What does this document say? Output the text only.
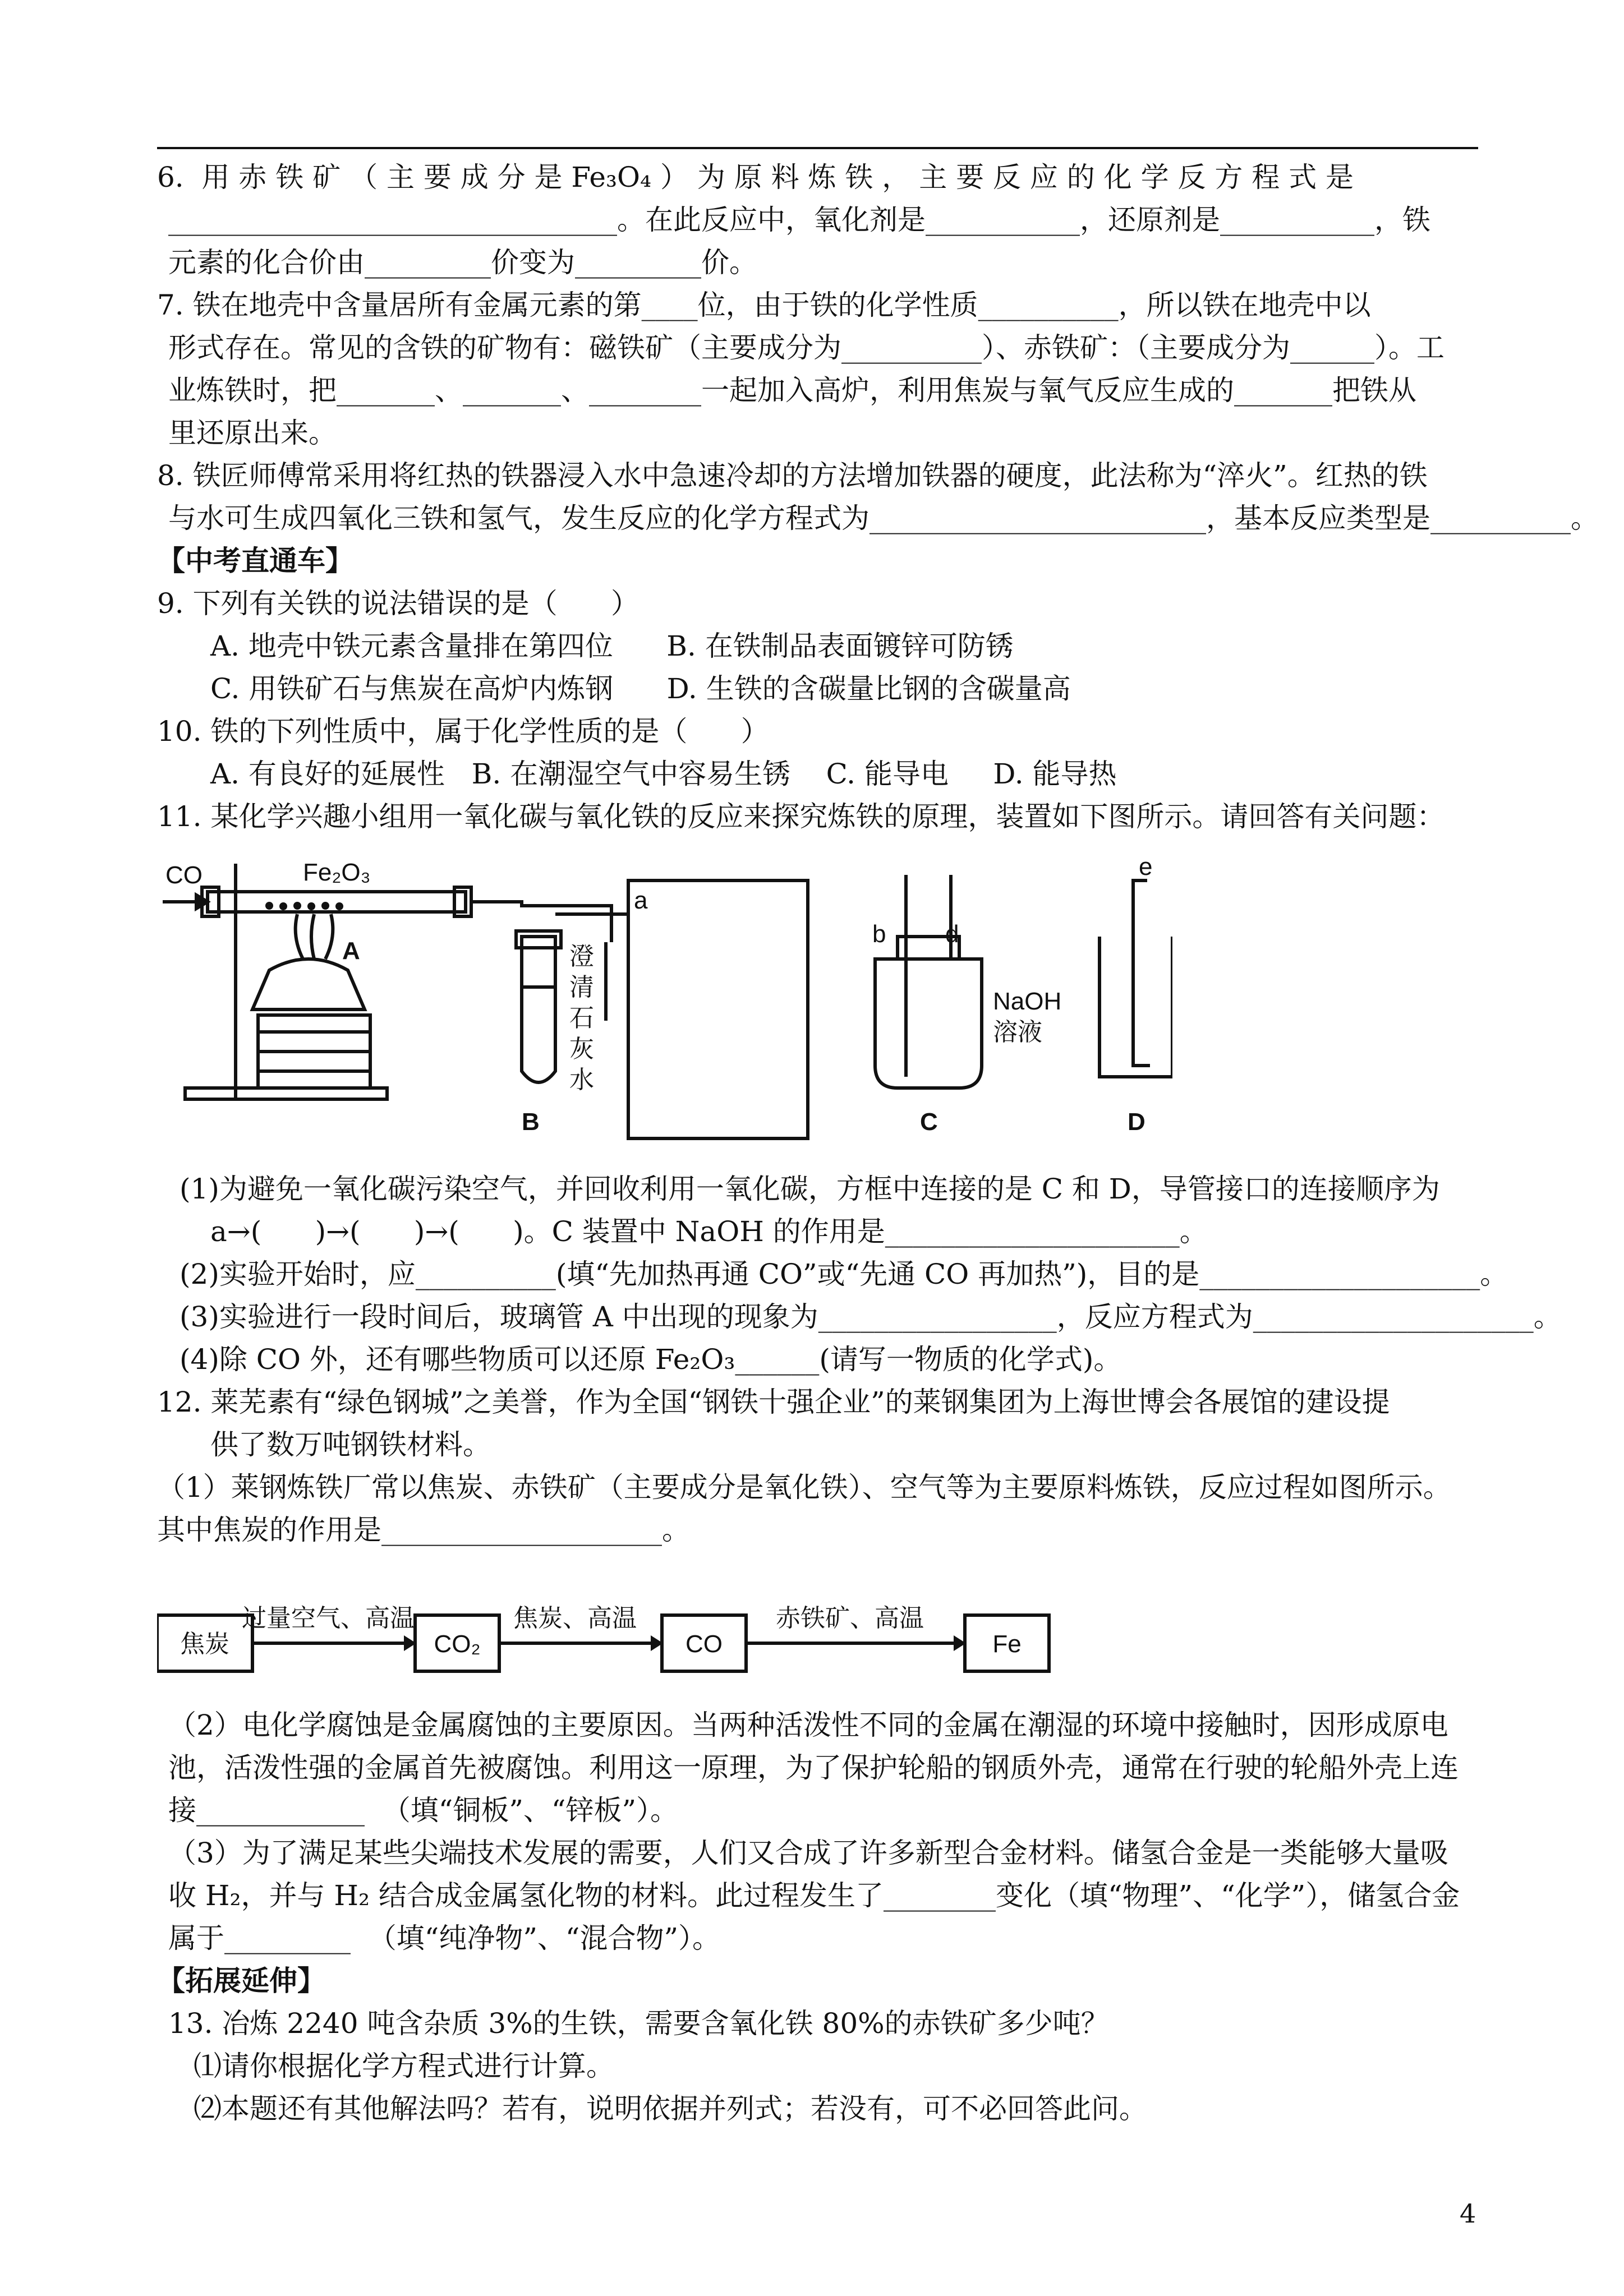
6.  用 赤 铁 矿 （ 主 要 成 分 是 Fe₃O₄ ） 为 原 料 炼 铁 ， 主 要 反 应 的 化 学 反 方 程 式 是
________________________________。在此反应中，氧化剂是___________，还原剂是___________，铁
元素的化合价由_________价变为_________价。
7. 铁在地壳中含量居所有金属元素的第____位，由于铁的化学性质__________，所以铁在地壳中以
形式存在。常见的含铁的矿物有：磁铁矿（主要成分为__________）、赤铁矿：（主要成分为______）。工
业炼铁时，把_______、_______、________一起加入高炉，利用焦炭与氧气反应生成的_______把铁从
里还原出来。
8. 铁匠师傅常采用将红热的铁器浸入水中急速冷却的方法增加铁器的硬度，此法称为“淬火”。红热的铁
与水可生成四氧化三铁和氢气，发生反应的化学方程式为________________________，基本反应类型是__________。
【中考直通车】
9. 下列有关铁的说法错误的是（      ）
A. 地壳中铁元素含量排在第四位      B. 在铁制品表面镀锌可防锈
C. 用铁矿石与焦炭在高炉内炼钢      D. 生铁的含碳量比钢的含碳量高
10. 铁的下列性质中，属于化学性质的是（      ）
A. 有良好的延展性   B. 在潮湿空气中容易生锈    C. 能导电     D. 能导热
11. 某化学兴趣小组用一氧化碳与氧化铁的反应来探究炼铁的原理，装置如下图所示。请回答有关问题：
CO	Fe₂O₃
A
B
a
b d
e
C	D
NaOH
溶液
澄
清
石
灰
水
(1)为避免一氧化碳污染空气，并回收利用一氧化碳，方框中连接的是 C 和 D，导管接口的连接顺序为
a→(      )→(      )→(      )。C 装置中 NaOH 的作用是_____________________。
(2)实验开始时，应__________(填“先加热再通 CO”或“先通 CO 再加热”)，目的是____________________。
(3)实验进行一段时间后，玻璃管 A 中出现的现象为_________________，反应方程式为____________________。
(4)除 CO 外，还有哪些物质可以还原 Fe₂O₃______(请写一物质的化学式)。
12. 莱芜素有“绿色钢城”之美誉，作为全国“钢铁十强企业”的莱钢集团为上海世博会各展馆的建设提
供了数万吨钢铁材料。
（1）莱钢炼铁厂常以焦炭、赤铁矿（主要成分是氧化铁）、空气等为主要原料炼铁，反应过程如图所示。
其中焦炭的作用是____________________。
焦炭	CO₂	CO	Fe
过量空气、高温	焦炭、高温	赤铁矿、高温
（2）电化学腐蚀是金属腐蚀的主要原因。当两种活泼性不同的金属在潮湿的环境中接触时，因形成原电
池，活泼性强的金属首先被腐蚀。利用这一原理，为了保护轮船的钢质外壳，通常在行驶的轮船外壳上连
接____________  （填“铜板”、“锌板”）。
（3）为了满足某些尖端技术发展的需要，人们又合成了许多新型合金材料。储氢合金是一类能够大量吸
收 H₂，并与 H₂ 结合成金属氢化物的材料。此过程发生了________变化（填“物理”、“化学”），储氢合金
属于_________  （填“纯净物”、“混合物”）。
【拓展延伸】
13. 冶炼 2240 吨含杂质 3%的生铁，需要含氧化铁 80%的赤铁矿多少吨？
⑴请你根据化学方程式进行计算。
⑵本题还有其他解法吗？若有，说明依据并列式；若没有，可不必回答此问。
4
